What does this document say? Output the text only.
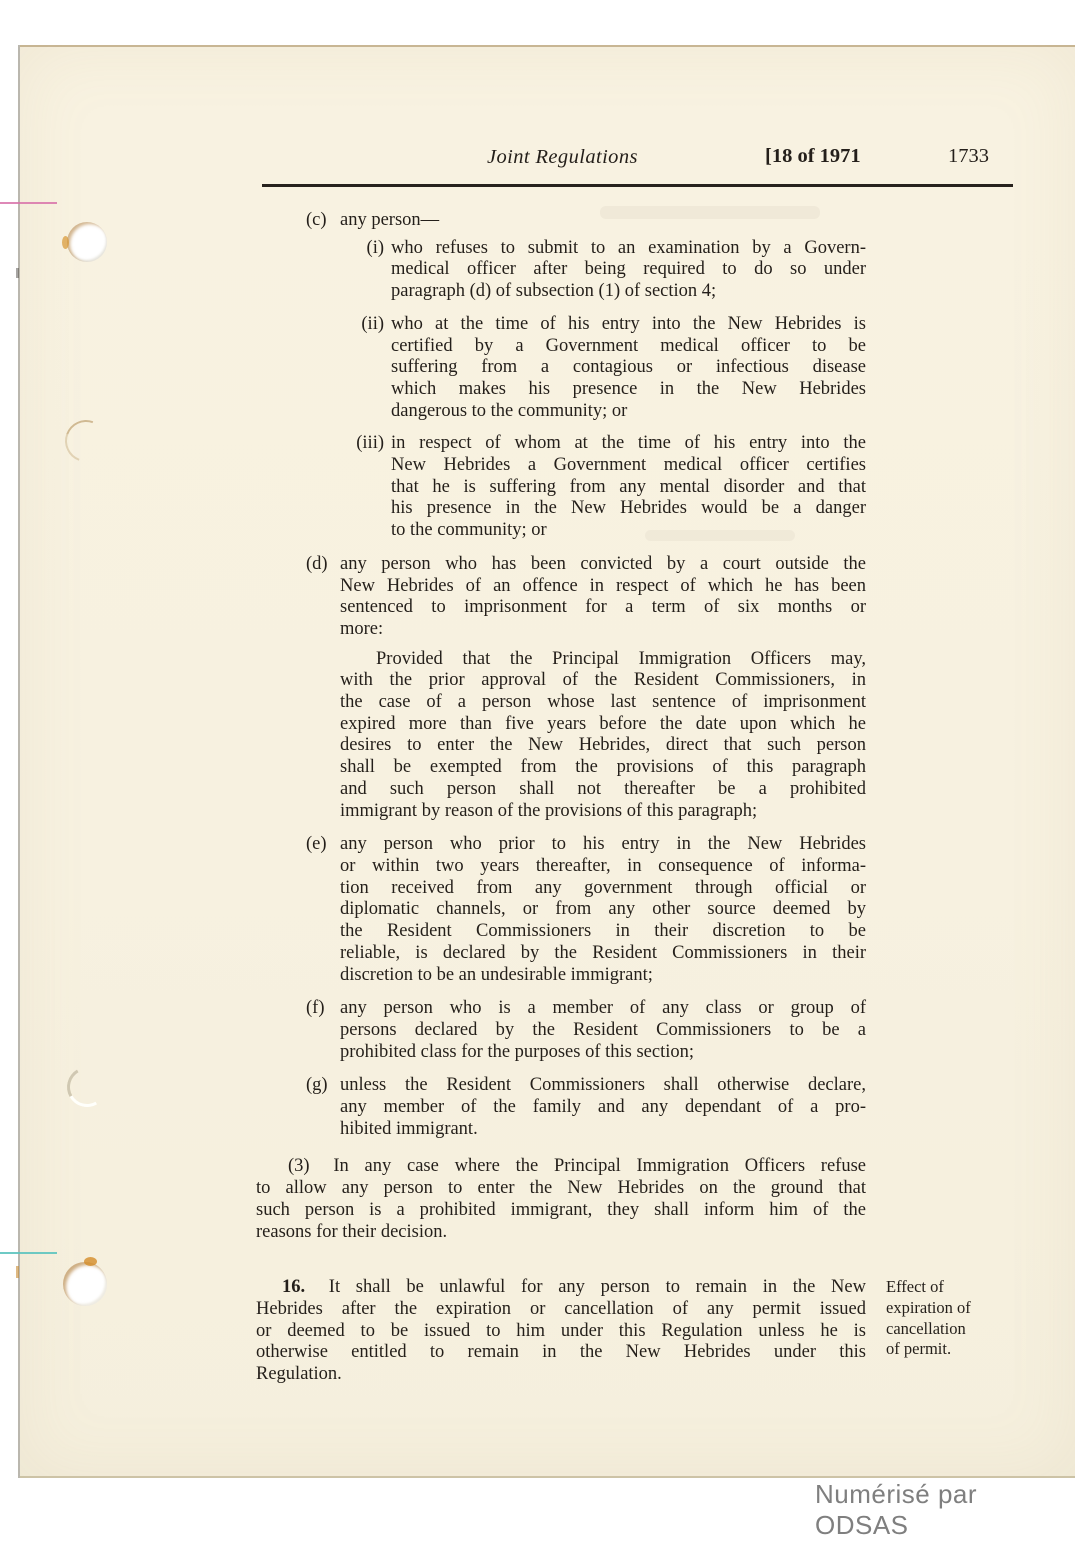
Joint Regulations	[18 of 1971	1733
(c) any person—
(i) who refuses to submit to an examination by a Govern-
medical officer after being required to do so under
paragraph (d) of subsection (1) of section 4;
(ii) who at the time of his entry into the New Hebrides is
certified by a Government medical officer to be
suffering from a contagious or infectious disease
which makes his presence in the New Hebrides
dangerous to the community; or
(iii) in respect of whom at the time of his entry into the
New Hebrides a Government medical officer certifies
that he is suffering from any mental disorder and that
his presence in the New Hebrides would be a danger
to the community; or
(d) any person who has been convicted by a court outside the
New Hebrides of an offence in respect of which he has been
sentenced to imprisonment for a term of six months or
more:
Provided that the Principal Immigration Officers may,
with the prior approval of the Resident Commissioners, in
the case of a person whose last sentence of imprisonment
expired more than five years before the date upon which he
desires to enter the New Hebrides, direct that such person
shall be exempted from the provisions of this paragraph
and such person shall not thereafter be a prohibited
immigrant by reason of the provisions of this paragraph;
(e) any person who prior to his entry in the New Hebrides
or within two years thereafter, in consequence of informa-
tion received from any government through official or
diplomatic channels, or from any other source deemed by
the Resident Commissioners in their discretion to be
reliable, is declared by the Resident Commissioners in their
discretion to be an undesirable immigrant;
(f) any person who is a member of any class or group of
persons declared by the Resident Commissioners to be a
prohibited class for the purposes of this section;
(g) unless the Resident Commissioners shall otherwise declare,
any member of the family and any dependant of a pro-
hibited immigrant.
(3) In any case where the Principal Immigration Officers refuse
to allow any person to enter the New Hebrides on the ground that
such person is a prohibited immigrant, they shall inform him of the
reasons for their decision.
16. It shall be unlawful for any person to remain in the New
Hebrides after the expiration or cancellation of any permit issued
or deemed to be issued to him under this Regulation unless he is
otherwise entitled to remain in the New Hebrides under this
Regulation.
Effect of
expiration of
cancellation
of permit.
Numérisé par ODSAS
